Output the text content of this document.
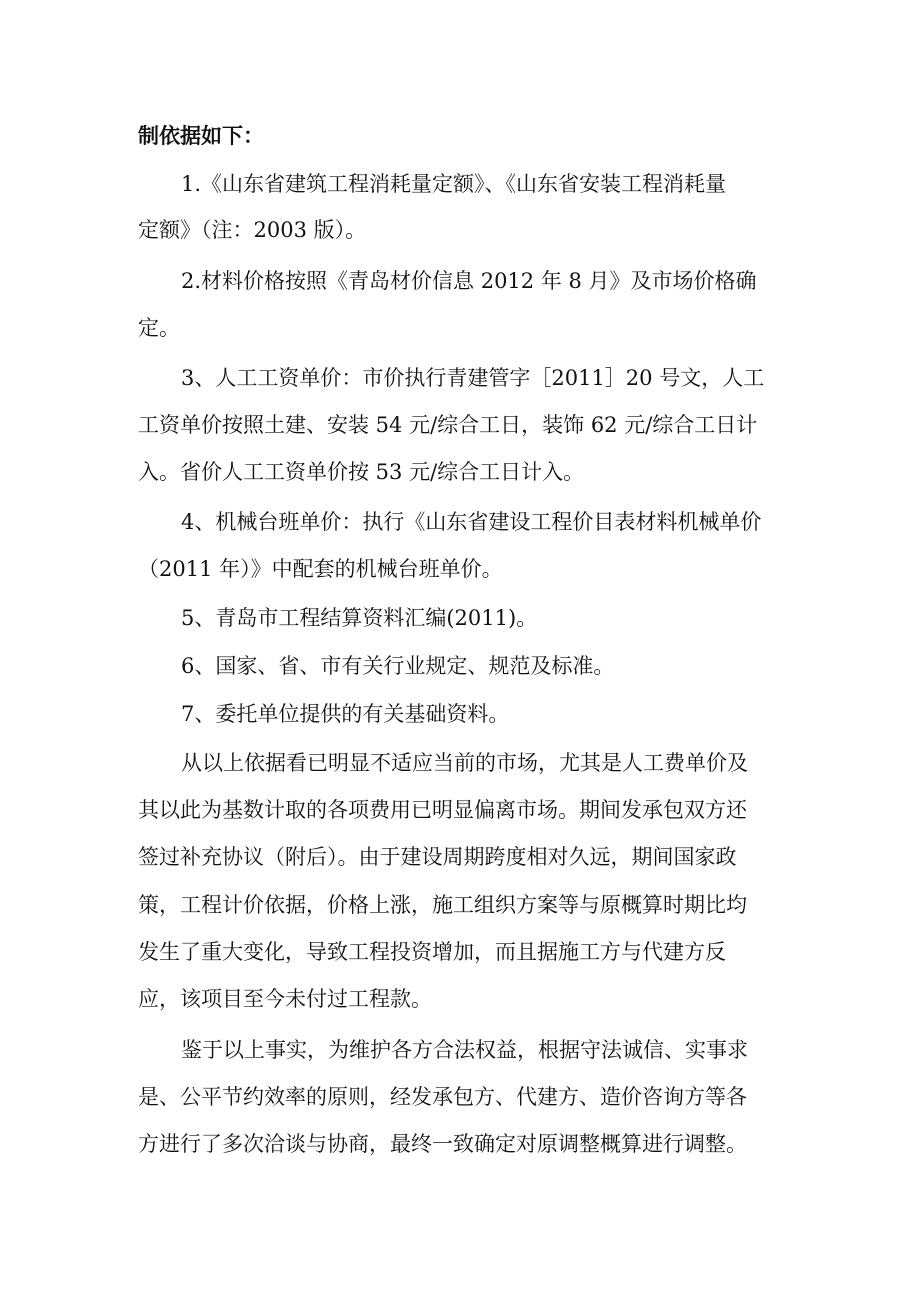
制依据如下：
1.《山东省建筑工程消耗量定额》、《山东省安装工程消耗量
定额》（注：2003 版）。
2.材料价格按照《青岛材价信息 2012 年 8 月》及市场价格确
定。
3、人工工资单价：市价执行青建管字［2011］20 号文，人工
工资单价按照土建、安装 54 元/综合工日，装饰 62 元/综合工日计
入。省价人工工资单价按 53 元/综合工日计入。
4、机械台班单价：执行《山东省建设工程价目表材料机械单价
（2011 年）》中配套的机械台班单价。
5、青岛市工程结算资料汇编(2011)。
6、国家、省、市有关行业规定、规范及标准。
7、委托单位提供的有关基础资料。
从以上依据看已明显不适应当前的市场，尤其是人工费单价及
其以此为基数计取的各项费用已明显偏离市场。期间发承包双方还
签过补充协议（附后）。由于建设周期跨度相对久远，期间国家政
策，工程计价依据，价格上涨，施工组织方案等与原概算时期比均
发生了重大变化，导致工程投资增加，而且据施工方与代建方反
应，该项目至今未付过工程款。
鉴于以上事实，为维护各方合法权益，根据守法诚信、实事求
是、公平节约效率的原则，经发承包方、代建方、造价咨询方等各
方进行了多次洽谈与协商，最终一致确定对原调整概算进行调整。
